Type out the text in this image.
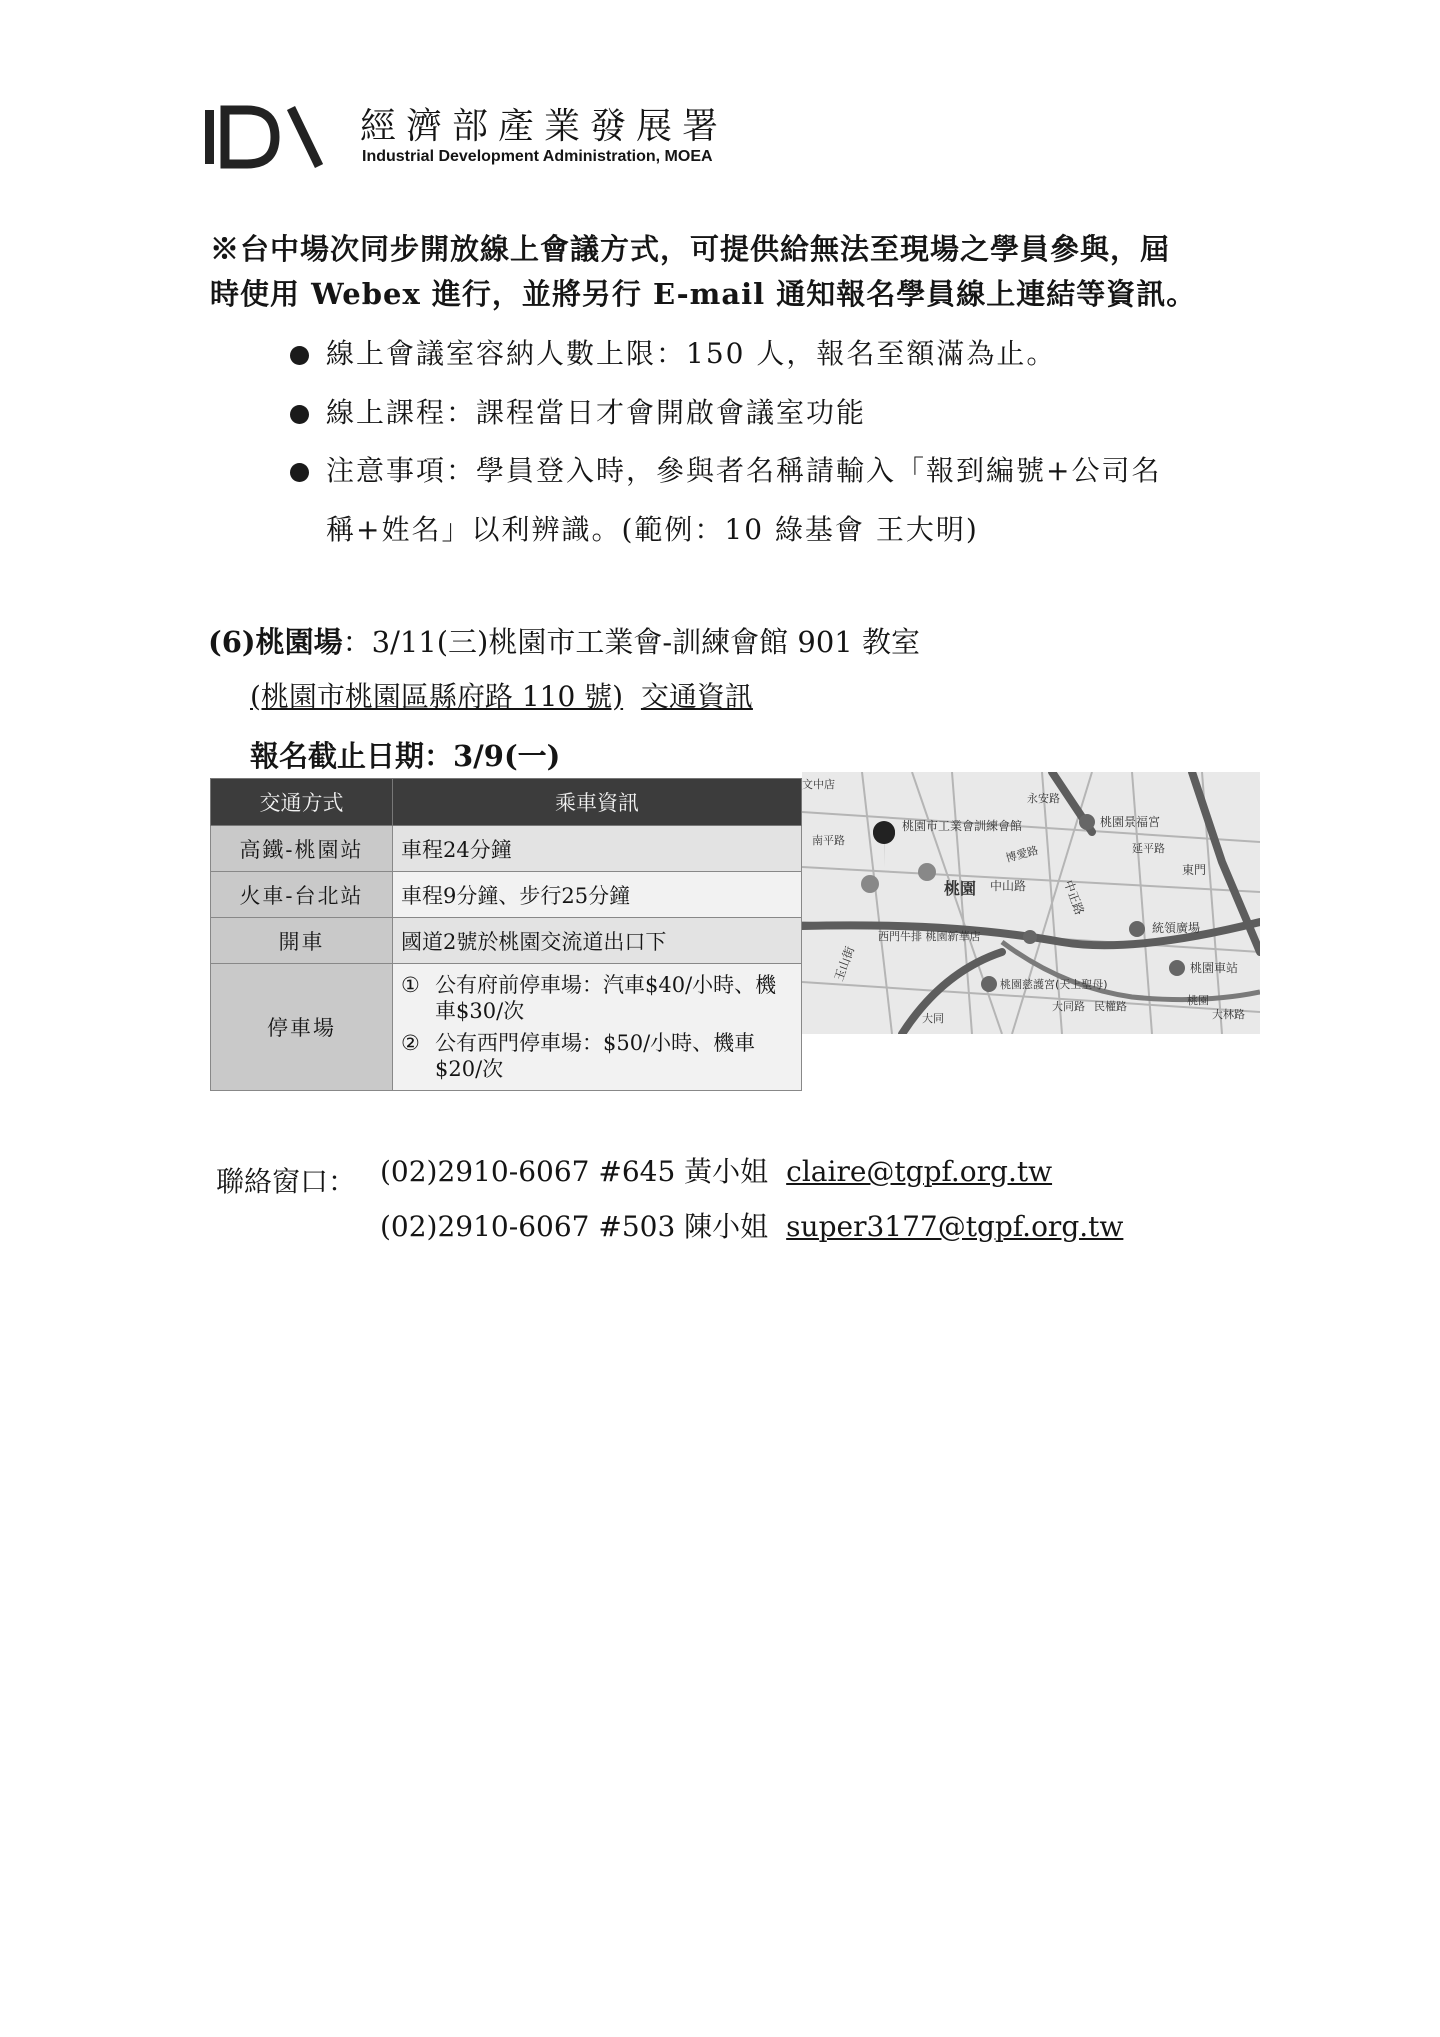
經濟部產業發展署
Industrial Development Administration, MOEA
※台中場次同步開放線上會議方式，可提供給無法至現場之學員參與，屆
時使用 Webex 進行，並將另行 E-mail 通知報名學員線上連結等資訊。
線上會議室容納人數上限：150 人，報名至額滿為止。
線上課程：課程當日才會開啟會議室功能
注意事項：學員登入時，參與者名稱請輸入「報到編號+公司名
稱+姓名」以利辨識。(範例：10 綠基會 王大明)
(6)桃園場：3/11(三)桃園市工業會-訓練會館 901 教室
(桃園市桃園區縣府路 110 號) 交通資訊
報名截止日期：3/9(一)
交通方式	乘車資訊
高鐵-桃園站	車程24分鐘
火車-台北站	車程9分鐘、步行25分鐘
開車	國道2號於桃園交流道出口下
停車場	① 公有府前停車場：汽車$40/小時、機車$30/次
② 公有西門停車場：$50/小時、機車$20/次
桃園市工業會訓練會館	桃園景福宮
桃園 中山路	中正路
東門
統領廣場
西門牛排 桃園新華店
玉山街
桃園慈護宮(天上聖母)
桃園車站
大林路
文中店
桃園
南平路
永安路
大同路 民權路
博愛路
大同
延平路
聯絡窗口： (02)2910-6067 #645 黃小姐 claire@tgpf.org.tw
(02)2910-6067 #503 陳小姐 super3177@tgpf.org.tw
